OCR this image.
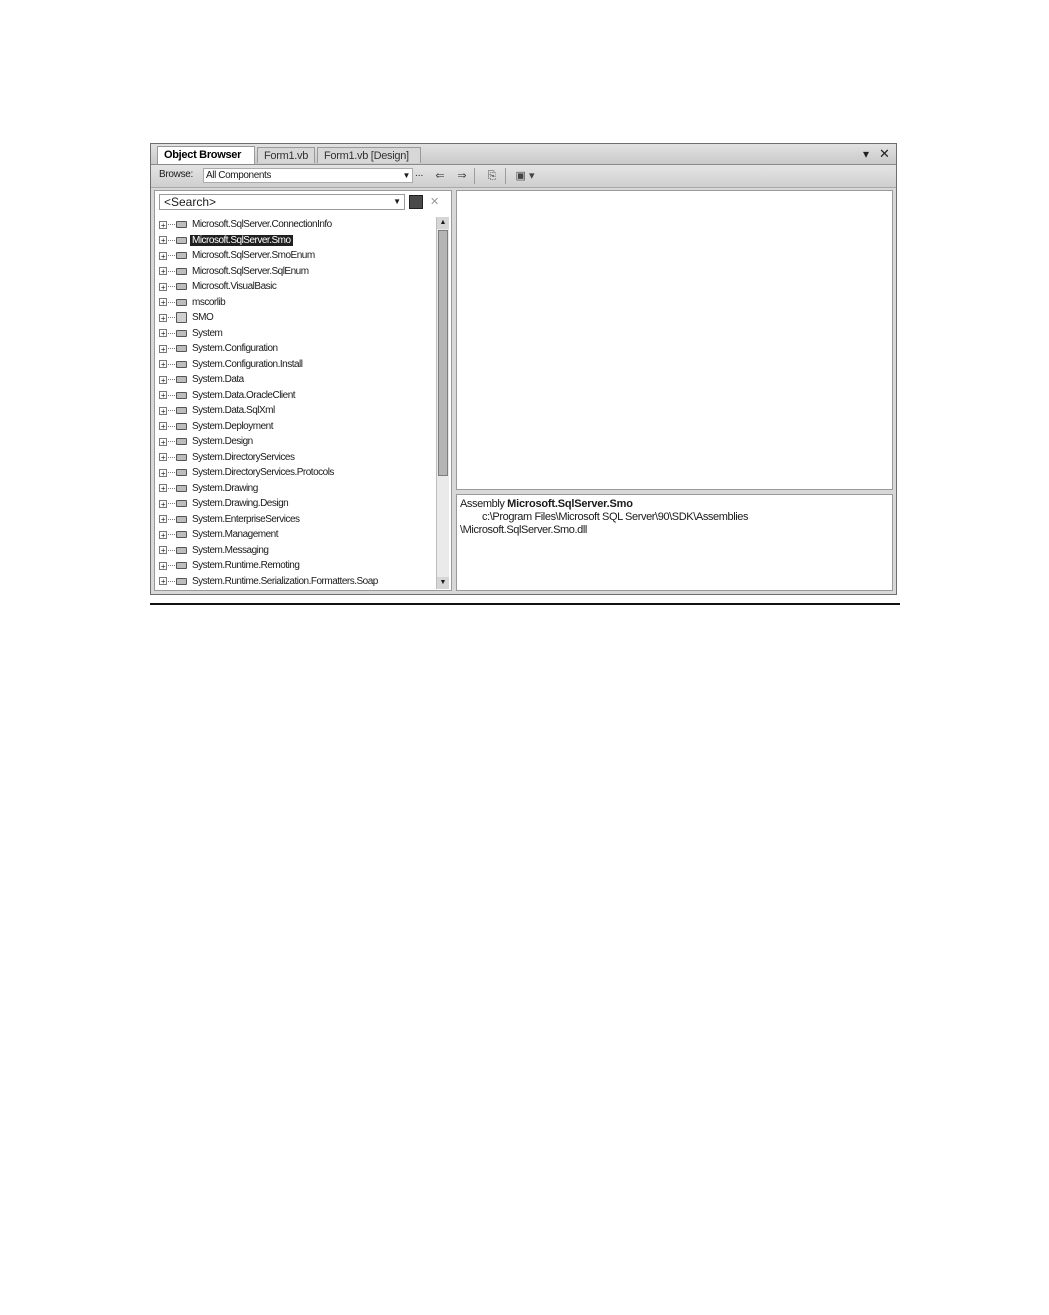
Object Browser	Form1.vb	Form1.vb [Design]	▾ ✕
Browse:	All Components	▼ ...	⇐	⇒	⎘	▣ ▾
<Search>	▼	✕
+	Microsoft.SqlServer.ConnectionInfo
+	Microsoft.SqlServer.Smo
+	Microsoft.SqlServer.SmoEnum
+	Microsoft.SqlServer.SqlEnum
+	Microsoft.VisualBasic
+	mscorlib
+	SMO
+	System
+	System.Configuration
+	System.Configuration.Install
+	System.Data
+	System.Data.OracleClient
+	System.Data.SqlXml
+	System.Deployment
+	System.Design
+	System.DirectoryServices
+	System.DirectoryServices.Protocols
+	System.Drawing
+	System.Drawing.Design
+	System.EnterpriseServices
+	System.Management
+	System.Messaging
+	System.Runtime.Remoting
+	System.Runtime.Serialization.Formatters.Soap
▲
▼
Assembly Microsoft.SqlServer.Smo
c:\Program Files\Microsoft SQL Server\90\SDK\Assemblies
\Microsoft.SqlServer.Smo.dll
